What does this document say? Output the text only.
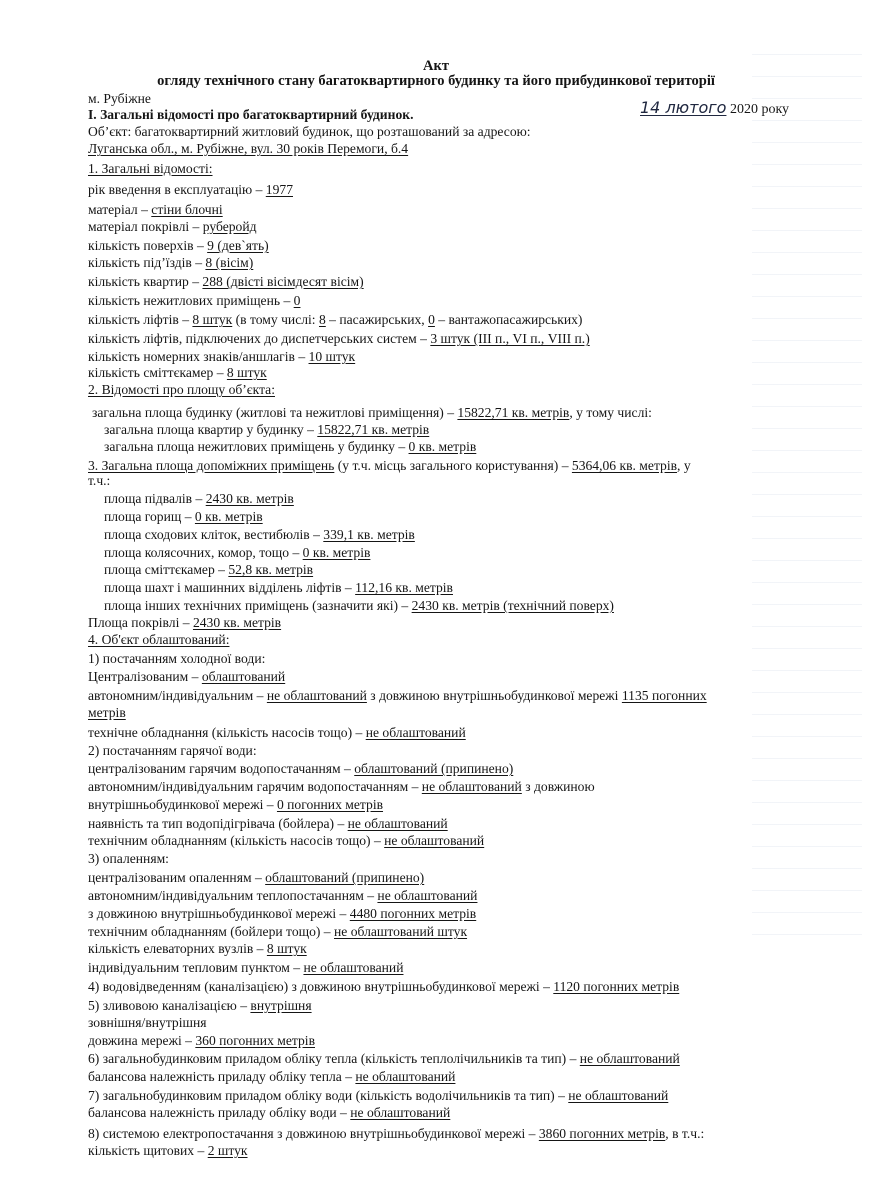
Акт
огляду технічного стану багатоквартирного будинку та його прибудинкової території
м. Рубіжне	14 лютого 2020 року
I. Загальні відомості про багатоквартирний будинок.
Об’єкт: багатоквартирний житловий будинок, що розташований за адресою:
Луганська обл., м. Рубіжне, вул. 30 років Перемоги, б.4
1. Загальні відомості:
рік введення в експлуатацію – 1977
матеріал – стіни блочні
матеріал покрівлі – руберойд
кількість поверхів – 9 (дев`ять)
кількість під’їздів – 8 (вісім)
кількість квартир – 288 (двісті вісімдесят вісім)
кількість нежитлових приміщень – 0
кількість ліфтів – 8 штук (в тому числі: 8 – пасажирських, 0 – вантажопасажирських)
кількість ліфтів, підключених до диспетчерських систем – 3 штук (III п., VI п., VIII п.)
кількість номерних знаків/аншлагів – 10 штук
кількість сміттєкамер – 8 штук
2. Відомості про площу об’єкта:
загальна площа будинку (житлові та нежитлові приміщення) – 15822,71 кв. метрів, у тому числі:
загальна площа квартир у будинку – 15822,71 кв. метрів
загальна площа нежитлових приміщень у будинку – 0 кв. метрів
3. Загальна площа допоміжних приміщень (у т.ч. місць загального користування) – 5364,06 кв. метрів, у
т.ч.:
площа підвалів – 2430 кв. метрів
площа горищ – 0 кв. метрів
площа сходових кліток, вестибюлів – 339,1 кв. метрів
площа колясочних, комор, тощо – 0 кв. метрів
площа сміттєкамер – 52,8 кв. метрів
площа шахт і машинних відділень ліфтів – 112,16 кв. метрів
площа інших технічних приміщень (зазначити які) – 2430 кв. метрів (технічний поверх)
Площа покрівлі – 2430 кв. метрів
4. Об'єкт облаштований:
1) постачанням холодної води:
Централізованим – облаштований
автономним/індивідуальним – не облаштований з довжиною внутрішньобудинкової мережі 1135 погонних
метрів
технічне обладнання (кількість насосів тощо) – не облаштований
2) постачанням гарячої води:
централізованим гарячим водопостачанням – облаштований (припинено)
автономним/індивідуальним гарячим водопостачанням – не облаштований з довжиною
внутрішньобудинкової мережі – 0 погонних метрів
наявність та тип водопідігрівача (бойлера) – не облаштований
технічним обладнанням (кількість насосів тощо) – не облаштований
3) опаленням:
централізованим опаленням – облаштований (припинено)
автономним/індивідуальним теплопостачанням – не облаштований
з довжиною внутрішньобудинкової мережі – 4480 погонних метрів
технічним обладнанням (бойлери тощо) – не облаштований штук
кількість елеваторних вузлів – 8 штук
індивідуальним тепловим пунктом – не облаштований
4) водовідведенням (каналізацією) з довжиною внутрішньобудинкової мережі – 1120 погонних метрів
5) зливовою каналізацією – внутрішня
зовнішня/внутрішня
довжина мережі – 360 погонних метрів
6) загальнобудинковим приладом обліку тепла (кількість теплолічильників та тип) – не облаштований
балансова належність приладу обліку тепла – не облаштований
7) загальнобудинковим приладом обліку води (кількість водолічильників та тип) – не облаштований
балансова належність приладу обліку води – не облаштований
8) системою електропостачання з довжиною внутрішньобудинкової мережі – 3860 погонних метрів, в т.ч.:
кількість щитових – 2 штук
